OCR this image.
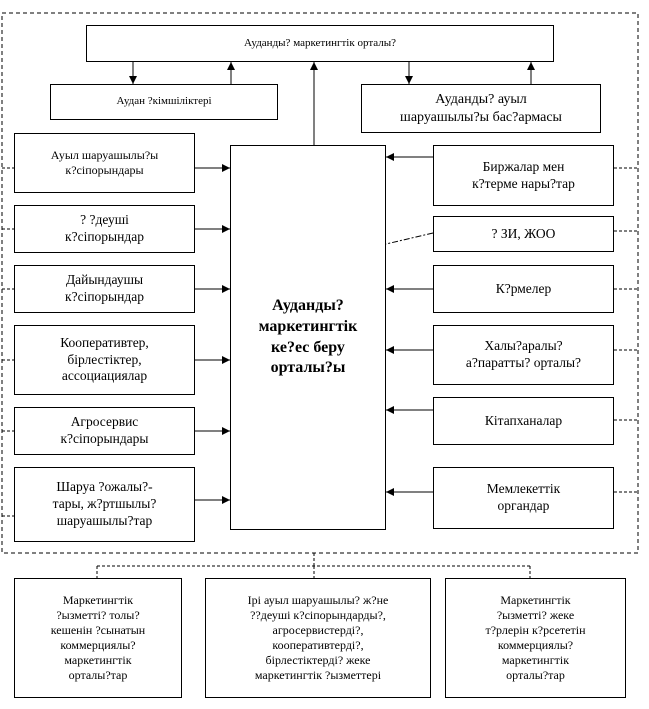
Ауданды? маркетингтік орталы?
Аудан ?кімшіліктері	Ауданды? ауыл
шаруашылы?ы бас?армасы
Ауданды?
маркетингтік
ке?ес беру
орталы?ы
Ауыл шаруашылы?ы
к?сіпорындары
? ?деуші
к?сіпорындар
Дайындаушы
к?сіпорындар
Кооперативтер,
бірлестіктер,
ассоциациялар
Агросервис
к?сіпорындары
Шаруа ?ожалы?-
тары, ж?ртшылы?
шаруашылы?тар
Биржалар мен
к?терме нары?тар
? ЗИ, ЖОО
К?рмелер
Халы?аралы?
а?паратты? орталы?
Кітапханалар
Мемлекеттік
органдар
Маркетингтік
?ызметті? толы?
кешенін ?сынатын
коммерциялы?
маркетингтік
орталы?тар
Ірі ауыл шаруашылы? ж?не
??деуші к?сіпорындарды?,
агросервистерді?,
кооперативтерді?,
бірлестіктерді? жеке
маркетингтік ?ызметтері
Маркетингтік
?ызметті? жеке
т?рлерін к?рсететін
коммерциялы?
маркетингтік
орталы?тар
